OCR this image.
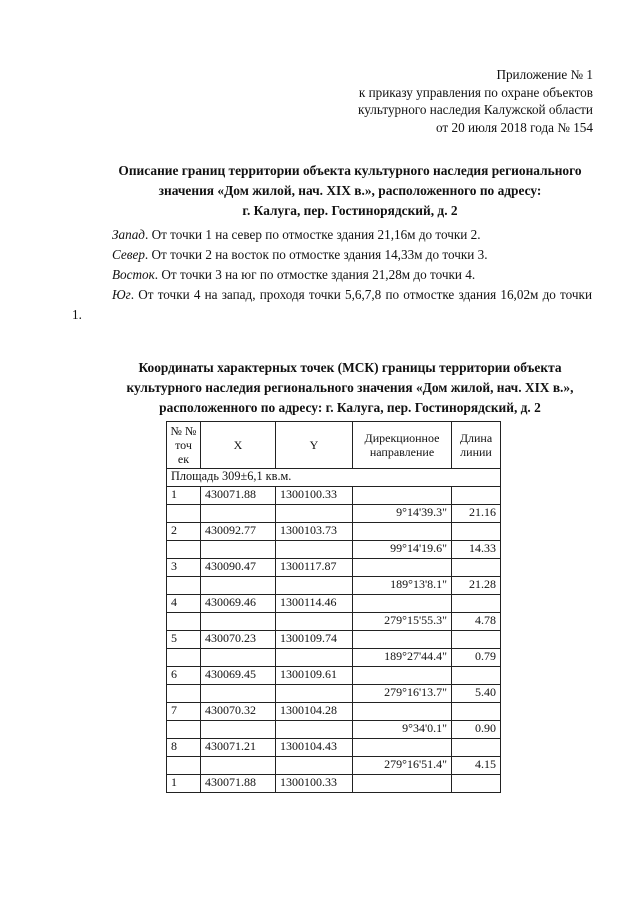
Приложение № 1
к приказу управления по охране объектов
культурного наследия Калужской области
от 20 июля 2018 года № 154
Описание границ территории объекта культурного наследия регионального
значения «Дом жилой, нач. XIX в.», расположенного по адресу:
г. Калуга, пер. Гостинорядский, д. 2

Запад. От точки 1 на север по отмостке здания 21,16м до точки 2.

Север. От точки 2 на восток по отмостке здания 14,33м до точки 3.

Восток. От точки 3 на юг по отмостке здания 21,28м до точки 4.

Юг. От точки 4 на запад, проходя точки 5,6,7,8 по отмостке здания 16,02м до точки 1.

Координаты характерных точек (МСК) границы территории объекта
культурного наследия регионального значения «Дом жилой, нач. XIX в.»,
расположенного по адресу: г. Калуга, пер. Гостинорядский, д. 2
№ № точ ек	X	Y	Дирекционное направление	Длина линии
Площадь 309±6,1 кв.м.				
1	430071.88	1300100.33		
			9°14'39.3"	21.16
2	430092.77	1300103.73		
			99°14'19.6"	14.33
3	430090.47	1300117.87		
			189°13'8.1"	21.28
4	430069.46	1300114.46		
			279°15'55.3"	4.78
5	430070.23	1300109.74		
			189°27'44.4"	0.79
6	430069.45	1300109.61		
			279°16'13.7"	5.40
7	430070.32	1300104.28		
			9°34'0.1"	0.90
8	430071.21	1300104.43		
			279°16'51.4"	4.15
1	430071.88	1300100.33		
